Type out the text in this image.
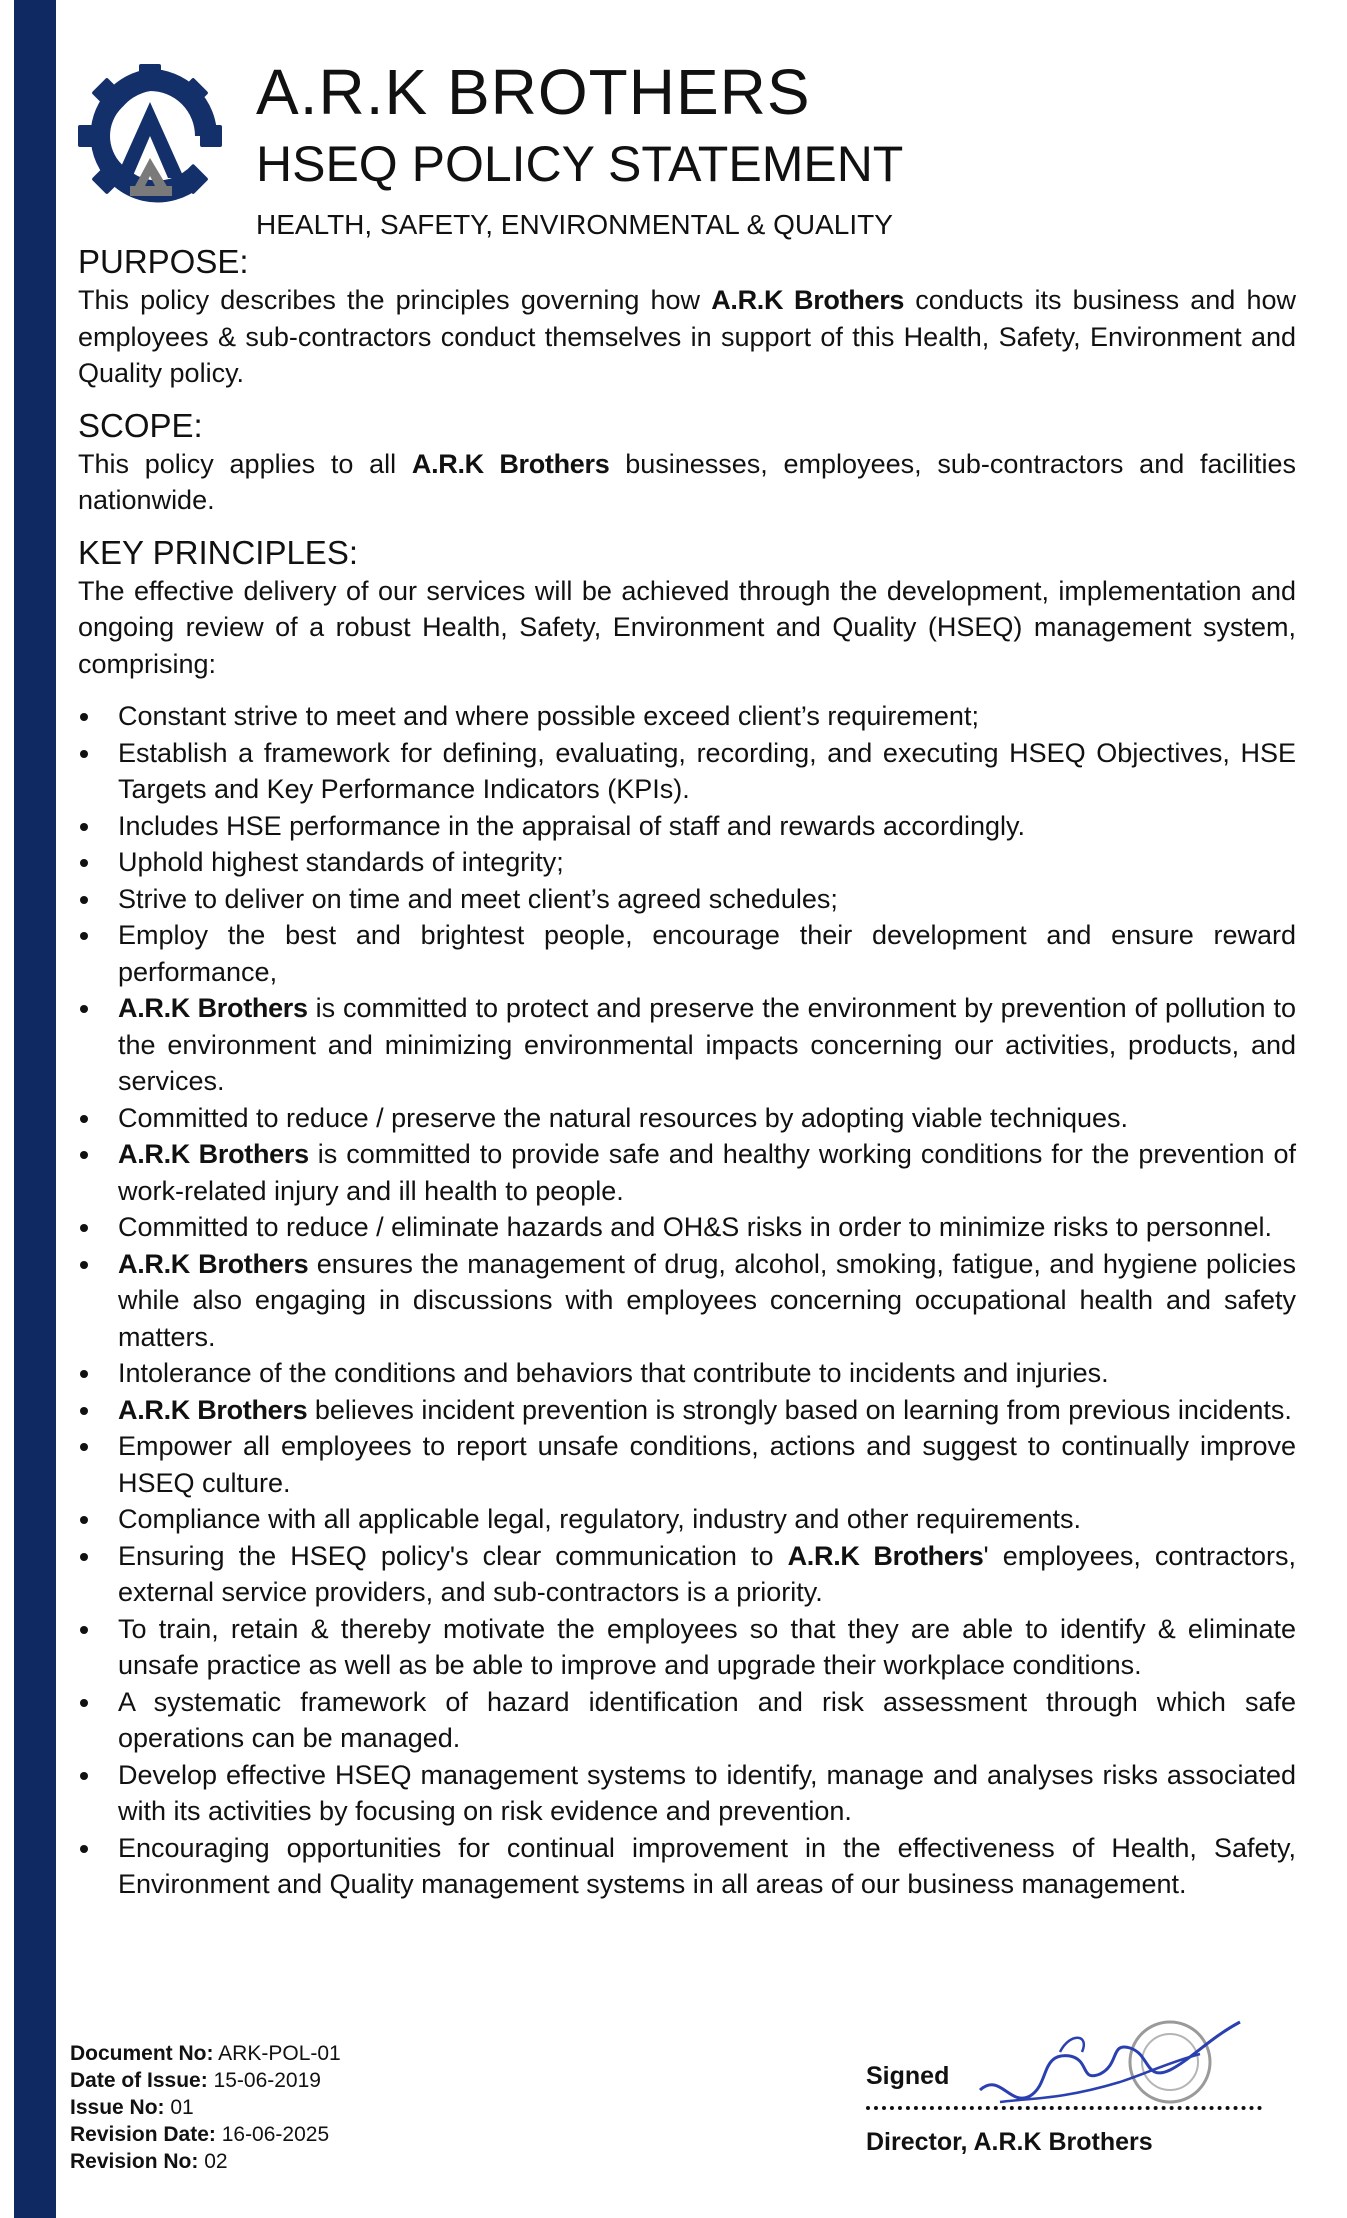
A.R.K BROTHERS
HSEQ POLICY STATEMENT
HEALTH, SAFETY, ENVIRONMENTAL & QUALITY
PURPOSE:

This policy describes the principles governing how A.R.K Brothers conducts its business and how employees & sub-contractors conduct themselves in support of this Health, Safety, Environment and Quality policy.

SCOPE:

This policy applies to all A.R.K Brothers businesses, employees, sub-contractors and facilities nationwide.

KEY PRINCIPLES:

The effective delivery of our services will be achieved through the development, implementation and ongoing review of a robust Health, Safety, Environment and Quality (HSEQ) management system, comprising:

Constant strive to meet and where possible exceed client’s requirement;
Establish a framework for defining, evaluating, recording, and executing HSEQ Objectives, HSE Targets and Key Performance Indicators (KPIs).
Includes HSE performance in the appraisal of staff and rewards accordingly.
Uphold highest standards of integrity;
Strive to deliver on time and meet client’s agreed schedules;
Employ the best and brightest people, encourage their development and ensure reward performance,
A.R.K Brothers is committed to protect and preserve the environment by prevention of pollution to the environment and minimizing environmental impacts concerning our activities, products, and services.
Committed to reduce / preserve the natural resources by adopting viable techniques.
A.R.K Brothers is committed to provide safe and healthy working conditions for the prevention of work-related injury and ill health to people.
Committed to reduce / eliminate hazards and OH&S risks in order to minimize risks to personnel.
A.R.K Brothers ensures the management of drug, alcohol, smoking, fatigue, and hygiene policies while also engaging in discussions with employees concerning occupational health and safety matters.
Intolerance of the conditions and behaviors that contribute to incidents and injuries.
A.R.K Brothers believes incident prevention is strongly based on learning from previous incidents.
Empower all employees to report unsafe conditions, actions and suggest to continually improve HSEQ culture.
Compliance with all applicable legal, regulatory, industry and other requirements.
Ensuring the HSEQ policy's clear communication to A.R.K Brothers' employees, contractors, external service providers, and sub-contractors is a priority.
To train, retain & thereby motivate the employees so that they are able to identify & eliminate unsafe practice as well as be able to improve and upgrade their workplace conditions.
A systematic framework of hazard identification and risk assessment through which safe operations can be managed.
Develop effective HSEQ management systems to identify, manage and analyses risks associated with its activities by focusing on risk evidence and prevention.
Encouraging opportunities for continual improvement in the effectiveness of Health, Safety, Environment and Quality management systems in all areas of our business management.
Document No: ARK-POL-01
Date of Issue: 15-06-2019
Issue No: 01
Revision Date: 16-06-2025
Revision No: 02
Signed
Director, A.R.K Brothers
